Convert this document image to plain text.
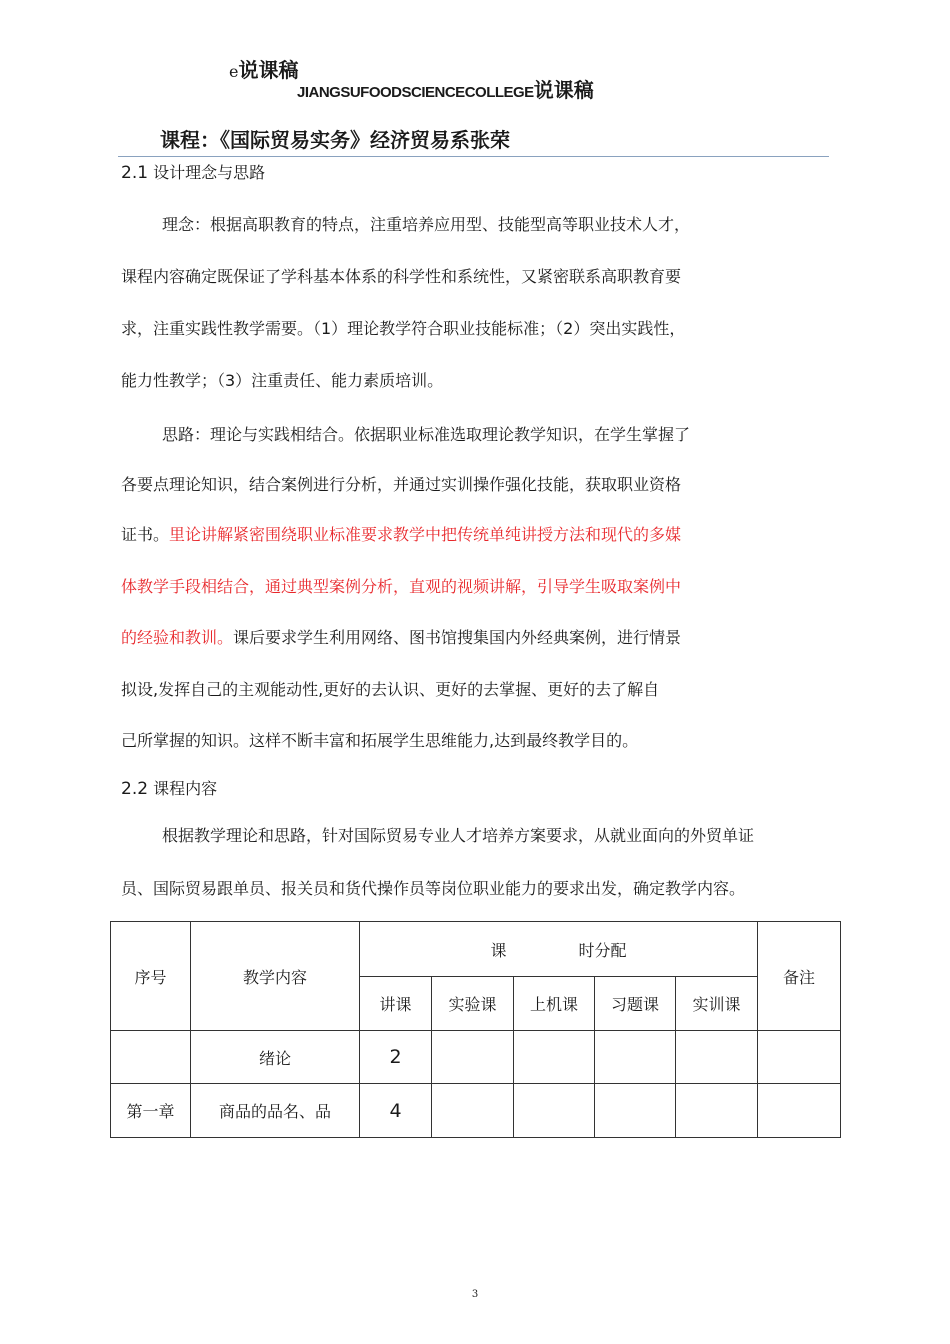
e说课稿
JIANGSUFOODSCIENCECOLLEGE说课稿
课程：《国际贸易实务》经济贸易系张荣
2.1 设计理念与思路
理念：根据高职教育的特点，注重培养应用型、技能型高等职业技术人才，
课程内容确定既保证了学科基本体系的科学性和系统性，又紧密联系高职教育要
求，注重实践性教学需要。（1）理论教学符合职业技能标准；（2）突出实践性，
能力性教学；（3）注重责任、能力素质培训。
思路：理论与实践相结合。依据职业标准选取理论教学知识，在学生掌握了
各要点理论知识，结合案例进行分析，并通过实训操作强化技能，获取职业资格
证书。里论讲解紧密围绕职业标准要求教学中把传统单纯讲授方法和现代的多媒
体教学手段相结合，通过典型案例分析，直观的视频讲解，引导学生吸取案例中
的经验和教训。课后要求学生利用网络、图书馆搜集国内外经典案例，进行情景
拟设,发挥自己的主观能动性,更好的去认识、更好的去掌握、更好的去了解自
己所掌握的知识。这样不断丰富和拓展学生思维能力,达到最终教学目的。
2.2 课程内容
根据教学理论和思路，针对国际贸易专业人才培养方案要求，从就业面向的外贸单证
员、国际贸易跟单员、报关员和货代操作员等岗位职业能力的要求出发，确定教学内容。
序号	教学内容	课 时分配					备注
		讲课	实验课	上机课	习题课	实训课	
	绪论	2					
第一章	商品的品名、品	4					
3
